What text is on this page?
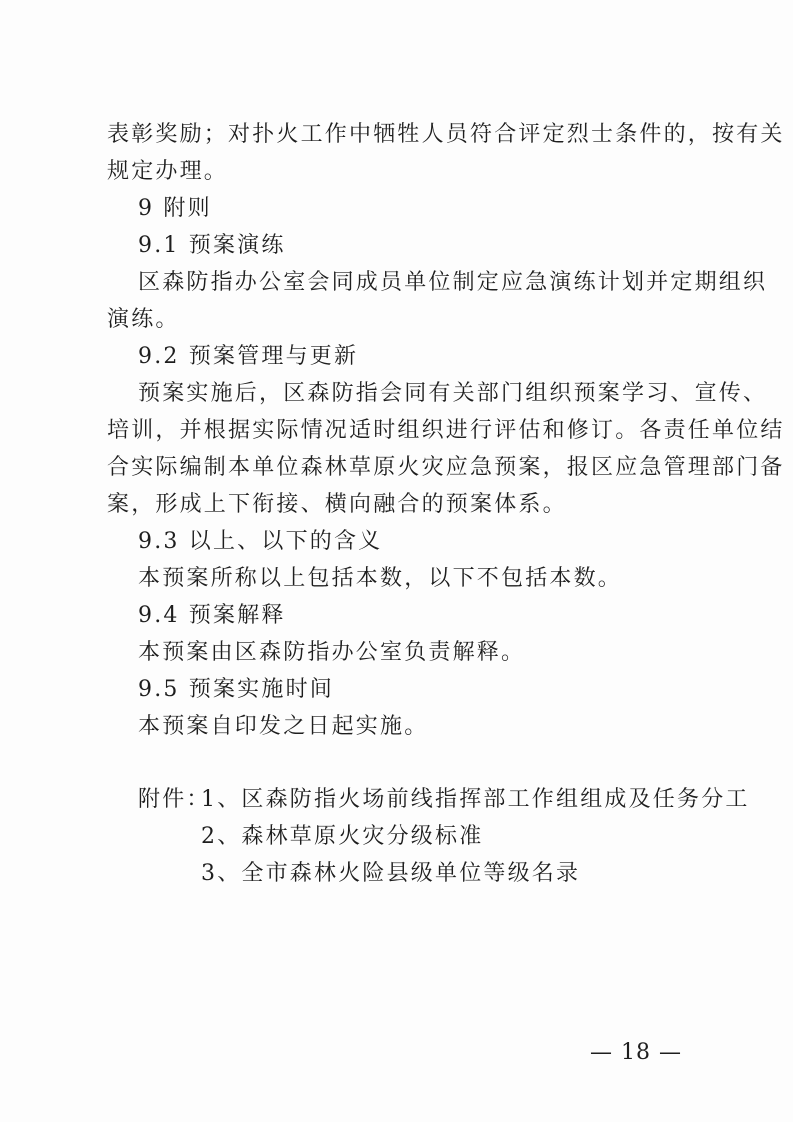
表彰奖励；对扑火工作中牺牲人员符合评定烈士条件的，按有关
规定办理。
9 附则
9.1 预案演练
区森防指办公室会同成员单位制定应急演练计划并定期组织
演练。
9.2 预案管理与更新
预案实施后，区森防指会同有关部门组织预案学习、宣传、
培训，并根据实际情况适时组织进行评估和修订。各责任单位结
合实际编制本单位森林草原火灾应急预案，报区应急管理部门备
案，形成上下衔接、横向融合的预案体系。
9.3 以上、以下的含义
本预案所称以上包括本数，以下不包括本数。
9.4 预案解释
本预案由区森防指办公室负责解释。
9.5 预案实施时间
本预案自印发之日起实施。
附件：
1、区森防指火场前线指挥部工作组组成及任务分工
2、森林草原火灾分级标准
3、全市森林火险县级单位等级名录
— 18 —
